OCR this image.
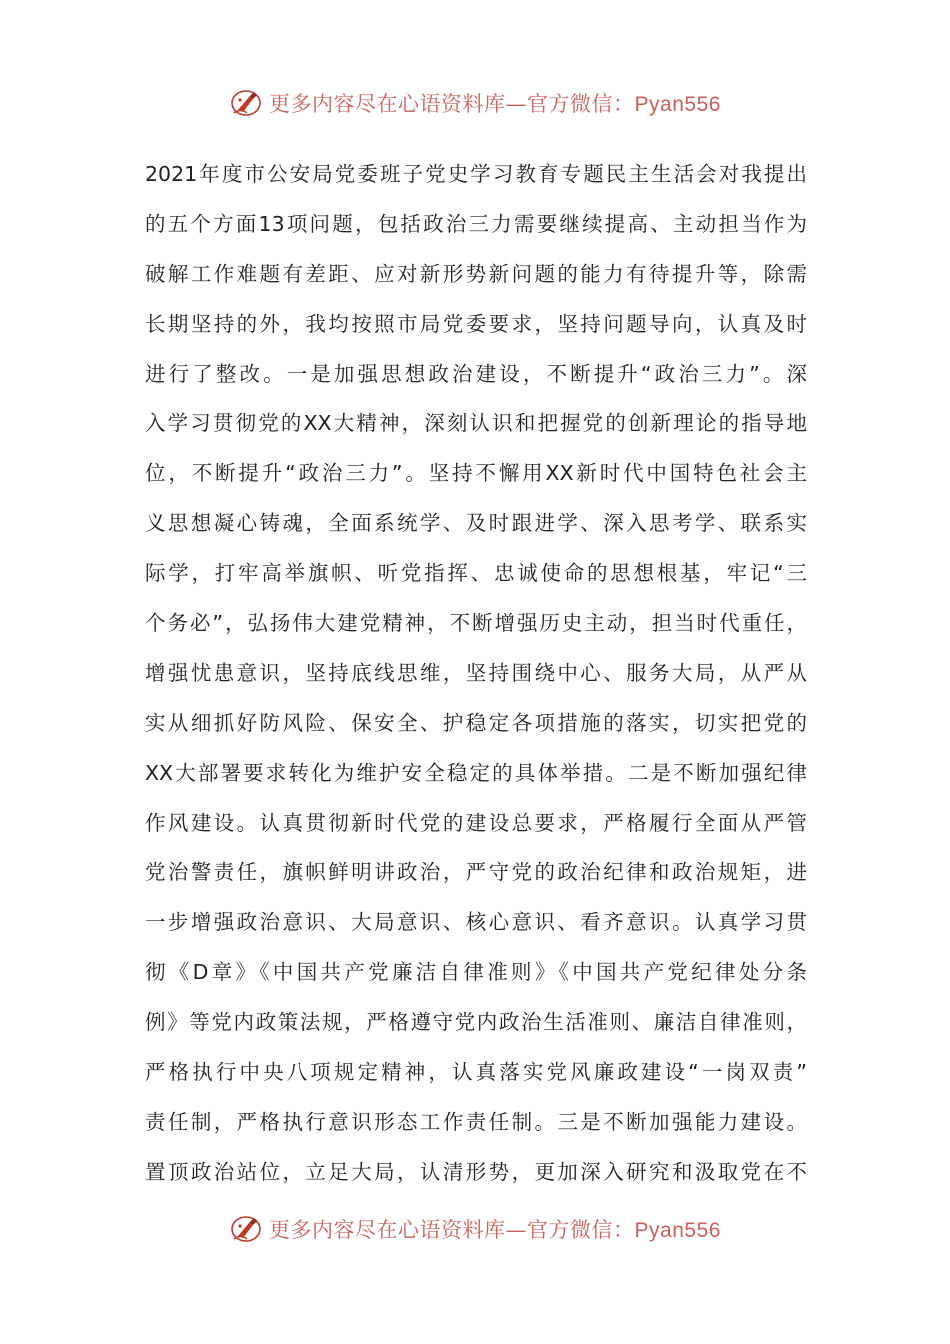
更多内容尽在心语资料库—官方微信：Pyan556
2021年度市公安局党委班子党史学习教育专题民主生活会对我提出
的五个方面13项问题，包括政治三力需要继续提高、主动担当作为
破解工作难题有差距、应对新形势新问题的能力有待提升等，除需
长期坚持的外，我均按照市局党委要求，坚持问题导向，认真及时
进行了整改。一是加强思想政治建设，不断提升“政治三力”。深
入学习贯彻党的XX大精神，深刻认识和把握党的创新理论的指导地
位，不断提升“政治三力”。坚持不懈用XX新时代中国特色社会主
义思想凝心铸魂，全面系统学、及时跟进学、深入思考学、联系实
际学，打牢高举旗帜、听党指挥、忠诚使命的思想根基，牢记“三
个务必”，弘扬伟大建党精神，不断增强历史主动，担当时代重任，
增强忧患意识，坚持底线思维，坚持围绕中心、服务大局，从严从
实从细抓好防风险、保安全、护稳定各项措施的落实，切实把党的
XX大部署要求转化为维护安全稳定的具体举措。二是不断加强纪律
作风建设。认真贯彻新时代党的建设总要求，严格履行全面从严管
党治警责任，旗帜鲜明讲政治，严守党的政治纪律和政治规矩，进
一步增强政治意识、大局意识、核心意识、看齐意识。认真学习贯
彻《D章》《中国共产党廉洁自律准则》《中国共产党纪律处分条
例》等党内政策法规，严格遵守党内政治生活准则、廉洁自律准则，
严格执行中央八项规定精神，认真落实党风廉政建设“一岗双责”
责任制，严格执行意识形态工作责任制。三是不断加强能力建设。
置顶政治站位，立足大局，认清形势，更加深入研究和汲取党在不
更多内容尽在心语资料库—官方微信：Pyan556
